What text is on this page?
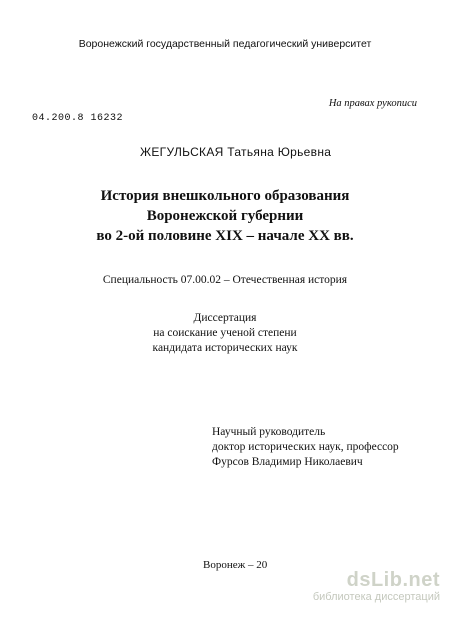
Воронежский государственный педагогический университет
На правах рукописи
04.200.8 16232
ЖЕГУЛЬСКАЯ Татьяна Юрьевна
История внешкольного образования
Воронежской губернии
во 2-ой половине XIX – начале XX вв.
Специальность 07.00.02 – Отечественная история
Диссертация
на соискание ученой степени
кандидата исторических наук
Научный руководитель
доктор исторических наук, профессор
Фурсов Владимир Николаевич
Воронеж – 20
dsLib.net
библиотека диссертаций
